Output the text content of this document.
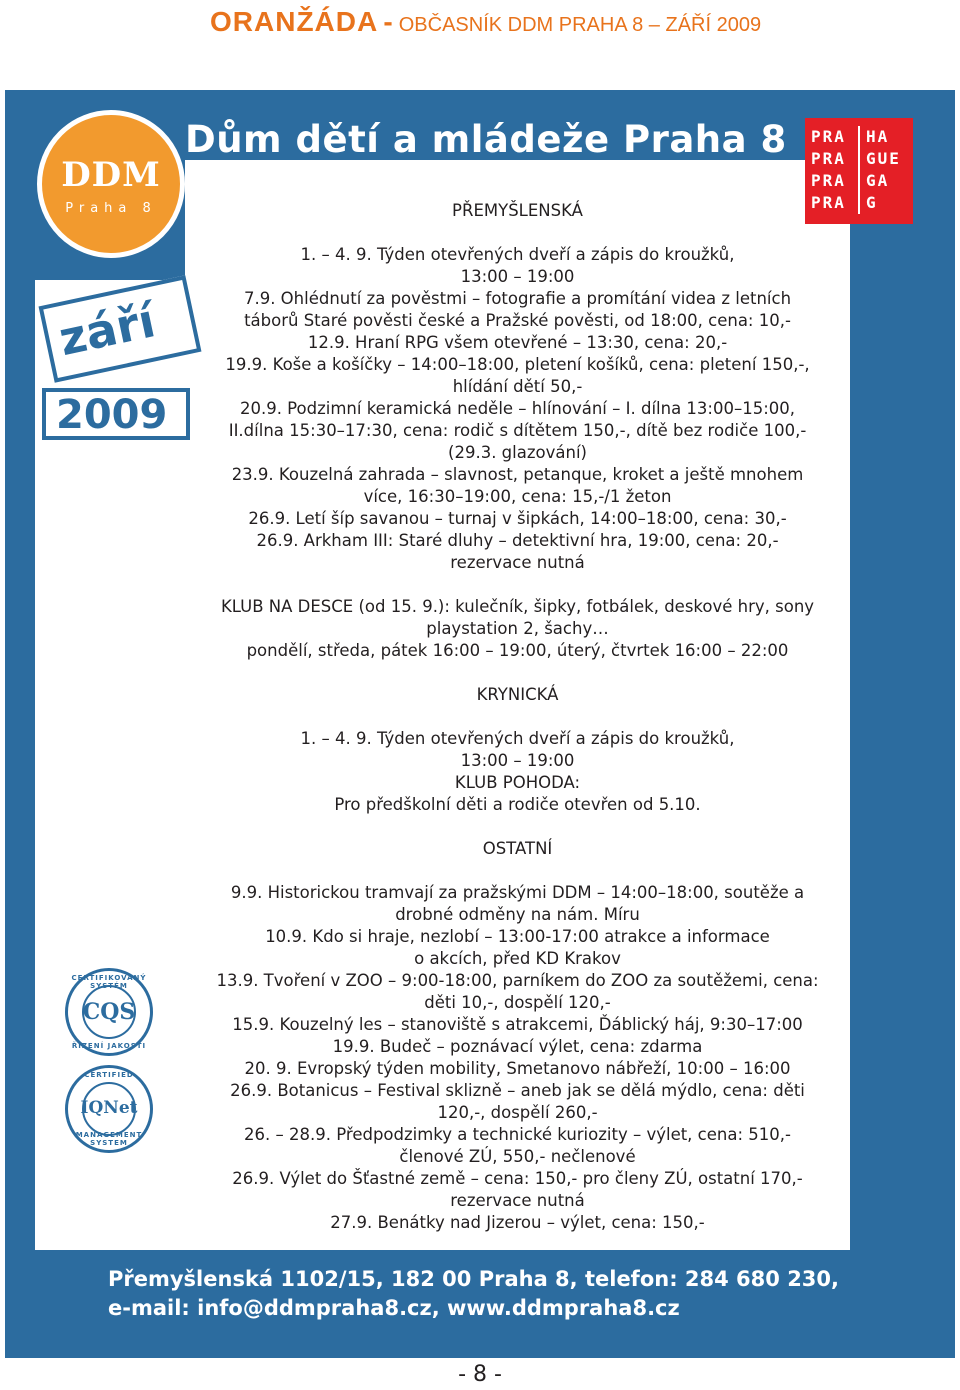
ORANŽÁDA - OBČASNÍK DDM PRAHA 8 – ZÁŘÍ 2009
Dům dětí a mládeže Praha 8
DDM
Praha 8
PRA	HA
PRA	GUE
PRA	GA
PRA	G
září
2009
CERTIFIKOVANÝ SYSTÉM
CQS
ŘÍZENÍ JAKOSTI
CERTIFIED
IQNet
MANAGEMENT SYSTEM
PŘEMYŠLENSKÁ
1. – 4. 9. Týden otevřených dveří a zápis do kroužků,
13:00 – 19:00
7.9. Ohlédnutí za pověstmi – fotografie a promítání videa z letních
táborů Staré pověsti české a Pražské pověsti, od 18:00, cena: 10,-
12.9. Hraní RPG všem otevřené – 13:30, cena: 20,-
19.9. Koše a košíčky – 14:00–18:00, pletení košíků, cena: pletení 150,-,
hlídání dětí 50,-
20.9. Podzimní keramická neděle – hlínování – I. dílna 13:00–15:00,
II.dílna 15:30–17:30, cena: rodič s dítětem 150,-, dítě bez rodiče 100,-
(29.3. glazování)
23.9. Kouzelná zahrada – slavnost, petanque, kroket a ještě mnohem
více, 16:30–19:00, cena: 15,-/1 žeton
26.9. Letí šíp savanou – turnaj v šipkách, 14:00–18:00, cena: 30,-
26.9. Arkham III: Staré dluhy – detektivní hra, 19:00, cena: 20,-
rezervace nutná
KLUB NA DESCE (od 15. 9.): kulečník, šipky, fotbálek, deskové hry, sony
playstation 2, šachy…
pondělí, středa, pátek 16:00 – 19:00, úterý, čtvrtek 16:00 – 22:00
KRYNICKÁ
1. – 4. 9. Týden otevřených dveří a zápis do kroužků,
13:00 – 19:00
KLUB POHODA:
Pro předškolní děti a rodiče otevřen od 5.10.
OSTATNÍ
9.9. Historickou tramvají za pražskými DDM – 14:00–18:00, soutěže a
drobné odměny na nám. Míru
10.9. Kdo si hraje, nezlobí – 13:00-17:00 atrakce a informace
o akcích, před KD Krakov
13.9. Tvoření v ZOO – 9:00-18:00, parníkem do ZOO za soutěžemi, cena:
děti 10,-, dospělí 120,-
15.9. Kouzelný les – stanoviště s atrakcemi, Ďáblický háj, 9:30–17:00
19.9. Budeč – poznávací výlet, cena: zdarma
20. 9. Evropský týden mobility, Smetanovo nábřeží, 10:00 – 16:00
26.9. Botanicus – Festival sklizně – aneb jak se dělá mýdlo, cena: děti
120,-, dospělí 260,-
26. – 28.9. Předpodzimky a technické kuriozity – výlet, cena: 510,-
členové ZÚ, 550,- nečlenové
26.9. Výlet do Šťastné země – cena: 150,- pro členy ZÚ, ostatní 170,-
rezervace nutná
27.9. Benátky nad Jizerou – výlet, cena: 150,-
Přemyšlenská 1102/15, 182 00 Praha 8, telefon: 284 680 230,
e-mail: info@ddmpraha8.cz, www.ddmpraha8.cz
- 8 -
